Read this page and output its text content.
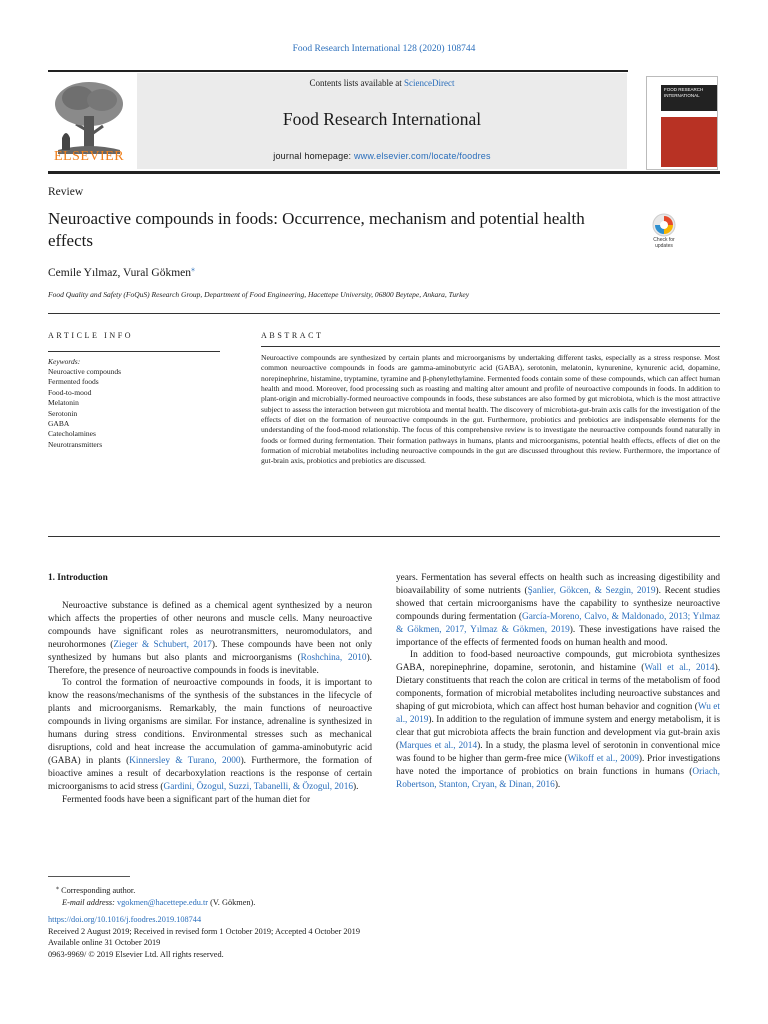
Food Research International 128 (2020) 108744
ELSEVIER
Contents lists available at ScienceDirect
Food Research International
journal homepage: www.elsevier.com/locate/foodres
FOOD RESEARCH INTERNATIONAL
Review
Neuroactive compounds in foods: Occurrence, mechanism and potential health effects	Check for updates
Cemile Yılmaz, Vural Gökmen⁎
Food Quality and Safety (FoQuS) Research Group, Department of Food Engineering, Hacettepe University, 06800 Beytepe, Ankara, Turkey
ARTICLE INFO	ABSTRACT
Keywords:
Neuroactive compounds
Fermented foods
Food-to-mood
Melatonin
Serotonin
GABA
Catecholamines
Neurotransmitters
Neuroactive compounds are synthesized by certain plants and microorganisms by undertaking different tasks, especially as a stress response. Most common neuroactive compounds in foods are gamma-aminobutyric acid (GABA), serotonin, melatonin, kynurenine, kynurenic acid, dopamine, norepinephrine, histamine, tryptamine, tyramine and β-phenylethylamine. Fermented foods contain some of these compounds, which can affect human health and mood. Moreover, food processing such as roasting and malting alter amount and profile of neuroactive compounds in foods. In addition to plant-origin and microbially-formed neuroactive compounds in foods, these substances are also formed by gut microbiota, which is the most attractive subject to assess the interaction between gut microbiota and mental health. The discovery of microbiota-gut-brain axis calls for the investigation of the effects of diet on the formation of neuroactive compounds in the gut. Furthermore, probiotics and prebiotics are indispensable elements for the understanding of the food-mood relationship. The focus of this comprehensive review is to investigate the neuroactive compounds found naturally in foods or formed during fermentation. Their formation pathways in humans, plants and microorganisms, potential health effects, effects of diet on the formation of microbial metabolites including neuroactive compounds in the gut are discussed throughout this review. Furthermore, the importance of gut-brain axis, probiotics and prebiotics are discussed.
1. Introduction

Neuroactive substance is defined as a chemical agent synthesized by a neuron which affects the properties of other neurons and muscle cells. Many neuroactive compounds have significant roles as neurotransmitters, neuromodulators, and neurohormones (Zieger & Schubert, 2017). These compounds have been not only synthesized by humans but also plants and microorganisms (Roshchina, 2010). Therefore, the presence of neuroactive compounds in foods is inevitable.

To control the formation of neuroactive compounds in foods, it is important to know the reasons/mechanisms of the synthesis of the substances in the lifecycle of plants and microorganisms. Remarkably, the main functions of neuroactive compounds in living organisms are similar. For instance, adrenaline is synthesized in humans during stress conditions. Environmental stresses such as mechanical disruptions, cold and heat increase the accumulation of gamma-aminobutyric acid (GABA) in plants (Kinnersley & Turano, 2000). Furthermore, the formation of bioactive amines a result of decarboxylation reactions is the response of certain microorganisms to acid stress (Gardini, Özogul, Suzzi, Tabanelli, & Özogul, 2016).

Fermented foods have been a significant part of the human diet for

years. Fermentation has several effects on health such as increasing digestibility and bioavailability of some nutrients (Şanlier, Gökcen, & Sezgin, 2019). Recent studies showed that certain microorganisms have the capability to synthesize neuroactive compounds during fermentation (García-Moreno, Calvo, & Maldonado, 2013; Yılmaz & Gökmen, 2017, Yılmaz & Gökmen, 2019). These investigations have raised the importance of the effects of fermented foods on human health and mood.

In addition to food-based neuroactive compounds, gut microbiota synthesizes GABA, norepinephrine, dopamine, serotonin, and histamine (Wall et al., 2014). Dietary constituents that reach the colon are critical in terms of the metabolism of food components, formation of microbial metabolites including neuroactive substances and shaping of gut microbiota, which can affect host human behavior and cognition (Wu et al., 2019). In addition to the regulation of immune system and energy metabolism, it is clear that gut microbiota affects the brain function and development via gut-brain axis (Marques et al., 2014). In a study, the plasma level of serotonin in conventional mice was found to be higher than germ-free mice (Wikoff et al., 2009). Prior investigations have noted the importance of probiotics on brain functions in humans (Oriach, Robertson, Stanton, Cryan, & Dinan, 2016).

⁎ Corresponding author.
E-mail address: vgokmen@hacettepe.edu.tr (V. Gökmen).
https://doi.org/10.1016/j.foodres.2019.108744
Received 2 August 2019; Received in revised form 1 October 2019; Accepted 4 October 2019
Available online 31 October 2019
0963-9969/ © 2019 Elsevier Ltd. All rights reserved.
